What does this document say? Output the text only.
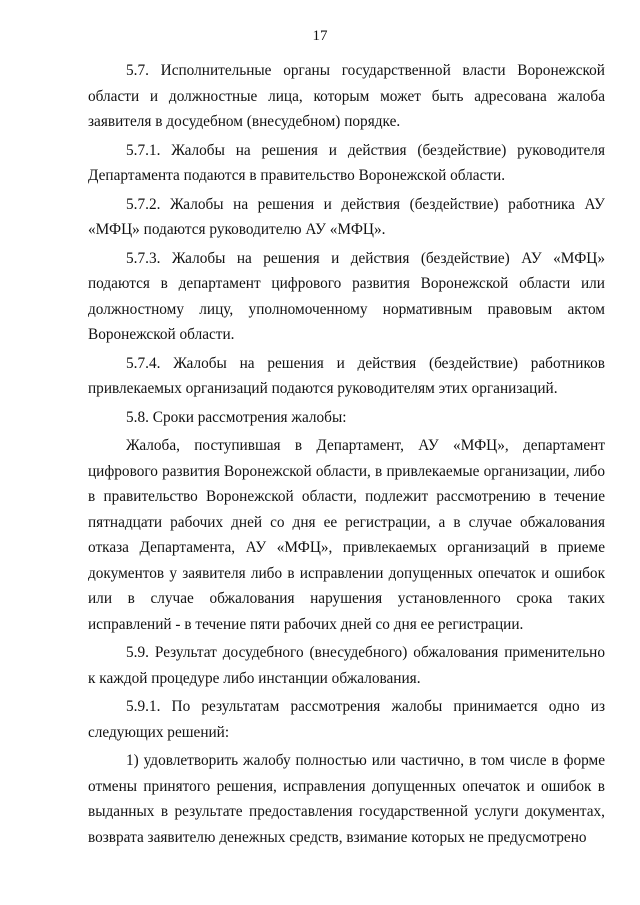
17

5.7. Исполнительные органы государственной власти Воронежской области и должностные лица, которым может быть адресована жалоба заявителя в досудебном (внесудебном) порядке.

5.7.1. Жалобы на решения и действия (бездействие) руководителя Департамента подаются в правительство Воронежской области.

5.7.2. Жалобы на решения и действия (бездействие) работника АУ «МФЦ» подаются руководителю АУ «МФЦ».

5.7.3. Жалобы на решения и действия (бездействие) АУ «МФЦ» подаются в департамент цифрового развития Воронежской области или должностному лицу, уполномоченному нормативным правовым актом Воронежской области.

5.7.4. Жалобы на решения и действия (бездействие) работников привлекаемых организаций подаются руководителям этих организаций.

5.8. Сроки рассмотрения жалобы:

Жалоба, поступившая в Департамент, АУ «МФЦ», департамент цифрового развития Воронежской области, в привлекаемые организации, либо в правительство Воронежской области, подлежит рассмотрению в течение пятнадцати рабочих дней со дня ее регистрации, а в случае обжалования отказа Департамента, АУ «МФЦ», привлекаемых организаций в приеме документов у заявителя либо в исправлении допущенных опечаток и ошибок или в случае обжалования нарушения установленного срока таких исправлений - в течение пяти рабочих дней со дня ее регистрации.

5.9. Результат досудебного (внесудебного) обжалования применительно к каждой процедуре либо инстанции обжалования.

5.9.1. По результатам рассмотрения жалобы принимается одно из следующих решений:

1) удовлетворить жалобу полностью или частично, в том числе в форме отмены принятого решения, исправления допущенных опечаток и ошибок в выданных в результате предоставления государственной услуги документах, возврата заявителю денежных средств, взимание которых не предусмотрено
